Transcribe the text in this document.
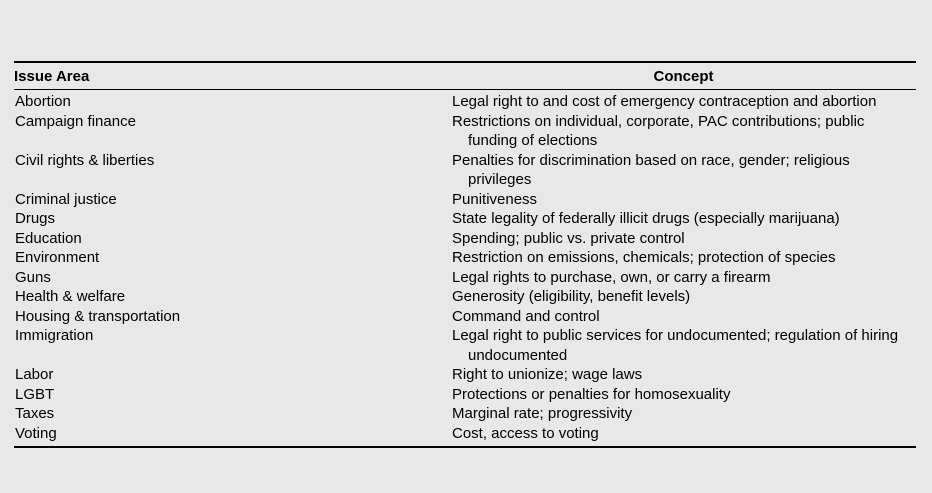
Issue Area	Concept
Abortion	Legal right to and cost of emergency contraception and abortion
Campaign finance	Restrictions on individual, corporate, PAC contributions; public funding of elections
Civil rights & liberties	Penalties for discrimination based on race, gender; religious privileges
Criminal justice	Punitiveness
Drugs	State legality of federally illicit drugs (especially marijuana)
Education	Spending; public vs. private control
Environment	Restriction on emissions, chemicals; protection of species
Guns	Legal rights to purchase, own, or carry a firearm
Health & welfare	Generosity (eligibility, benefit levels)
Housing & transportation	Command and control
Immigration	Legal right to public services for undocumented; regulation of hiring undocumented
Labor	Right to unionize; wage laws
LGBT	Protections or penalties for homosexuality
Taxes	Marginal rate; progressivity
Voting	Cost, access to voting
